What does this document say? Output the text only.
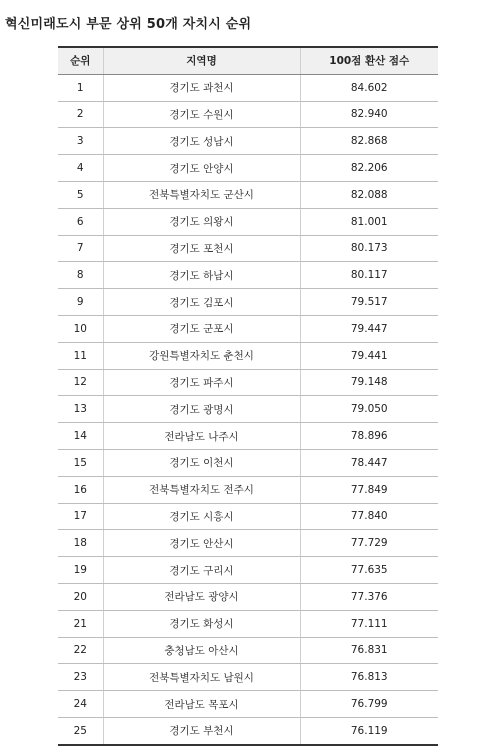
혁신미래도시 부문 상위 50개 자치시 순위
순위	지역명	100점 환산 점수
1	경기도 과천시	84.602
2	경기도 수원시	82.940
3	경기도 성남시	82.868
4	경기도 안양시	82.206
5	전북특별자치도 군산시	82.088
6	경기도 의왕시	81.001
7	경기도 포천시	80.173
8	경기도 하남시	80.117
9	경기도 김포시	79.517
10	경기도 군포시	79.447
11	강원특별자치도 춘천시	79.441
12	경기도 파주시	79.148
13	경기도 광명시	79.050
14	전라남도 나주시	78.896
15	경기도 이천시	78.447
16	전북특별자치도 전주시	77.849
17	경기도 시흥시	77.840
18	경기도 안산시	77.729
19	경기도 구리시	77.635
20	전라남도 광양시	77.376
21	경기도 화성시	77.111
22	충청남도 아산시	76.831
23	전북특별자치도 남원시	76.813
24	전라남도 목포시	76.799
25	경기도 부천시	76.119
